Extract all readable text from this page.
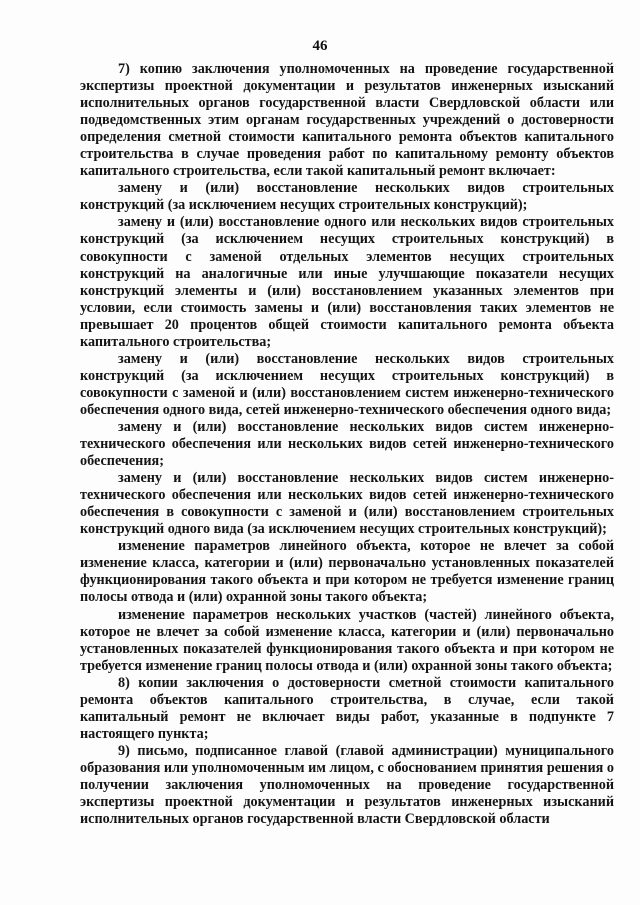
46

7) копию заключения уполномоченных на проведение государственной экспертизы проектной документации и результатов инженерных изысканий исполнительных органов государственной власти Свердловской области или подведомственных этим органам государственных учреждений о достоверности определения сметной стоимости капитального ремонта объектов капитального строительства в случае проведения работ по капитальному ремонту объектов капитального строительства, если такой капитальный ремонт включает:

замену и (или) восстановление нескольких видов строительных конструкций (за исключением несущих строительных конструкций);

замену и (или) восстановление одного или нескольких видов строительных конструкций (за исключением несущих строительных конструкций) в совокупности с заменой отдельных элементов несущих строительных конструкций на аналогичные или иные улучшающие показатели несущих конструкций элементы и (или) восстановлением указанных элементов при условии, если стоимость замены и (или) восстановления таких элементов не превышает 20 процентов общей стоимости капитального ремонта объекта капитального строительства;

замену и (или) восстановление нескольких видов строительных конструкций (за исключением несущих строительных конструкций) в совокупности с заменой и (или) восстановлением систем инженерно-технического обеспечения одного вида, сетей инженерно-технического обеспечения одного вида;

замену и (или) восстановление нескольких видов систем инженерно-технического обеспечения или нескольких видов сетей инженерно-технического обеспечения;

замену и (или) восстановление нескольких видов систем инженерно-технического обеспечения или нескольких видов сетей инженерно-технического обеспечения в совокупности с заменой и (или) восстановлением строительных конструкций одного вида (за исключением несущих строительных конструкций);

изменение параметров линейного объекта, которое не влечет за собой изменение класса, категории и (или) первоначально установленных показателей функционирования такого объекта и при котором не требуется изменение границ полосы отвода и (или) охранной зоны такого объекта;

изменение параметров нескольких участков (частей) линейного объекта, которое не влечет за собой изменение класса, категории и (или) первоначально установленных показателей функционирования такого объекта и при котором не требуется изменение границ полосы отвода и (или) охранной зоны такого объекта;

8) копии заключения о достоверности сметной стоимости капитального ремонта объектов капитального строительства, в случае, если такой капитальный ремонт не включает виды работ, указанные в подпункте 7 настоящего пункта;

9) письмо, подписанное главой (главой администрации) муниципального образования или уполномоченным им лицом, с обоснованием принятия решения о получении заключения уполномоченных на проведение государственной экспертизы проектной документации и результатов инженерных изысканий исполнительных органов государственной власти Свердловской области
